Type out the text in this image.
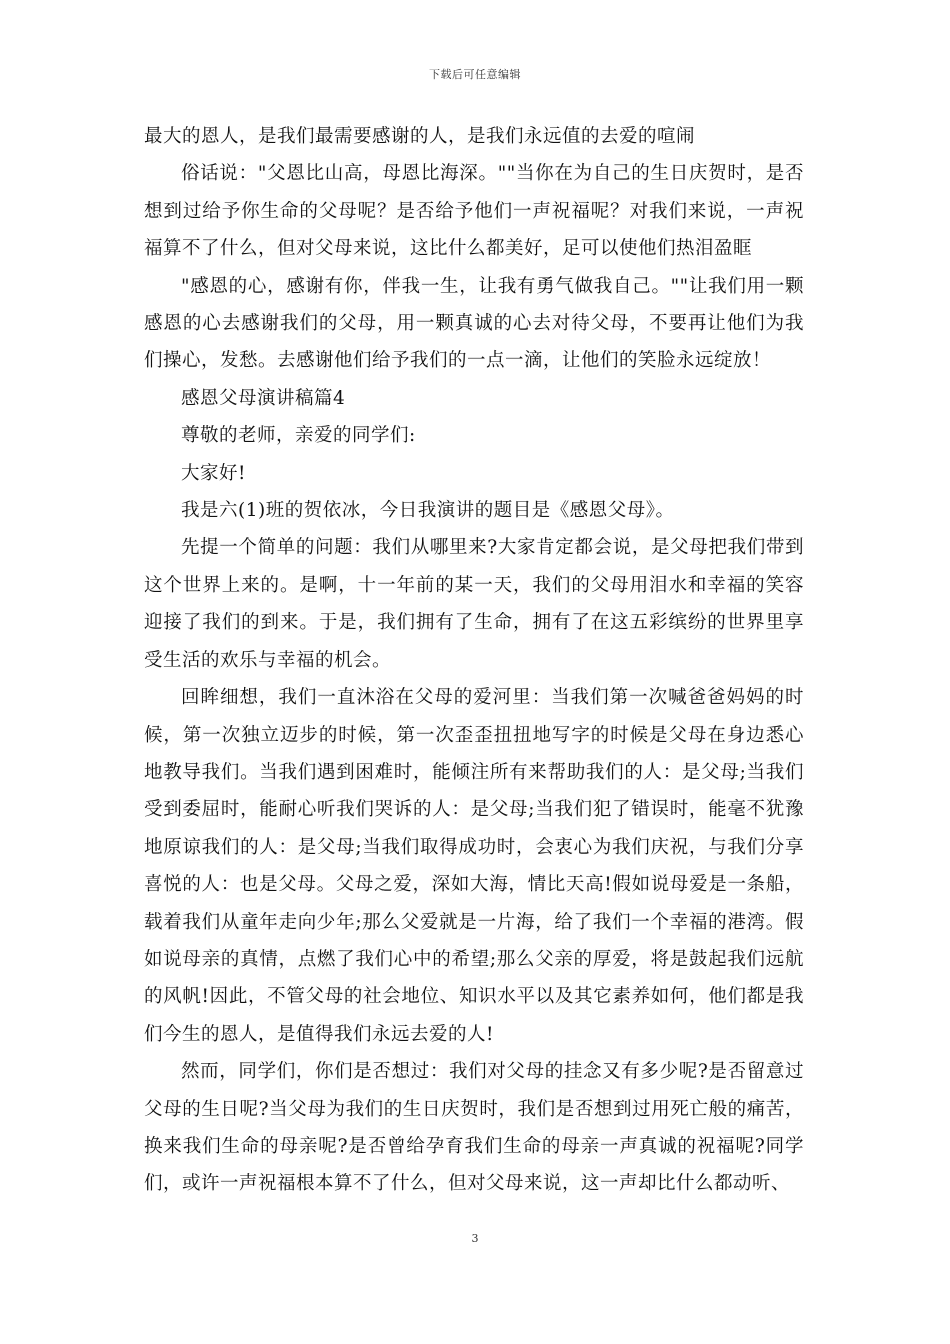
下载后可任意编辑

最大的恩人，是我们最需要感谢的人，是我们永远值的去爱的喧闹

俗话说："父恩比山高，母恩比海深。""当你在为自己的生日庆贺时，是否想到过给予你生命的父母呢？是否给予他们一声祝福呢？对我们来说，一声祝福算不了什么，但对父母来说，这比什么都美好，足可以使他们热泪盈眶

"感恩的心，感谢有你，伴我一生，让我有勇气做我自己。""让我们用一颗感恩的心去感谢我们的父母，用一颗真诚的心去对待父母，不要再让他们为我们操心，发愁。去感谢他们给予我们的一点一滴，让他们的笑脸永远绽放！

感恩父母演讲稿篇4

尊敬的老师，亲爱的同学们:

大家好!

我是六(1)班的贺依冰，今日我演讲的题目是《感恩父母》。

先提一个简单的问题：我们从哪里来?大家肯定都会说，是父母把我们带到这个世界上来的。是啊，十一年前的某一天，我们的父母用泪水和幸福的笑容迎接了我们的到来。于是，我们拥有了生命，拥有了在这五彩缤纷的世界里享受生活的欢乐与幸福的机会。

回眸细想，我们一直沐浴在父母的爱河里：当我们第一次喊爸爸妈妈的时候，第一次独立迈步的时候，第一次歪歪扭扭地写字的时候是父母在身边悉心地教导我们。当我们遇到困难时，能倾注所有来帮助我们的人：是父母;当我们受到委屈时，能耐心听我们哭诉的人：是父母;当我们犯了错误时，能毫不犹豫地原谅我们的人：是父母;当我们取得成功时，会衷心为我们庆祝，与我们分享喜悦的人：也是父母。父母之爱，深如大海，情比天高!假如说母爱是一条船，载着我们从童年走向少年;那么父爱就是一片海，给了我们一个幸福的港湾。假如说母亲的真情，点燃了我们心中的希望;那么父亲的厚爱，将是鼓起我们远航的风帆!因此，不管父母的社会地位、知识水平以及其它素养如何，他们都是我们今生的恩人，是值得我们永远去爱的人!

然而，同学们，你们是否想过：我们对父母的挂念又有多少呢?是否留意过父母的生日呢?当父母为我们的生日庆贺时，我们是否想到过用死亡般的痛苦，换来我们生命的母亲呢?是否曾给孕育我们生命的母亲一声真诚的祝福呢?同学们，或许一声祝福根本算不了什么，但对父母来说，这一声却比什么都动听、

3
